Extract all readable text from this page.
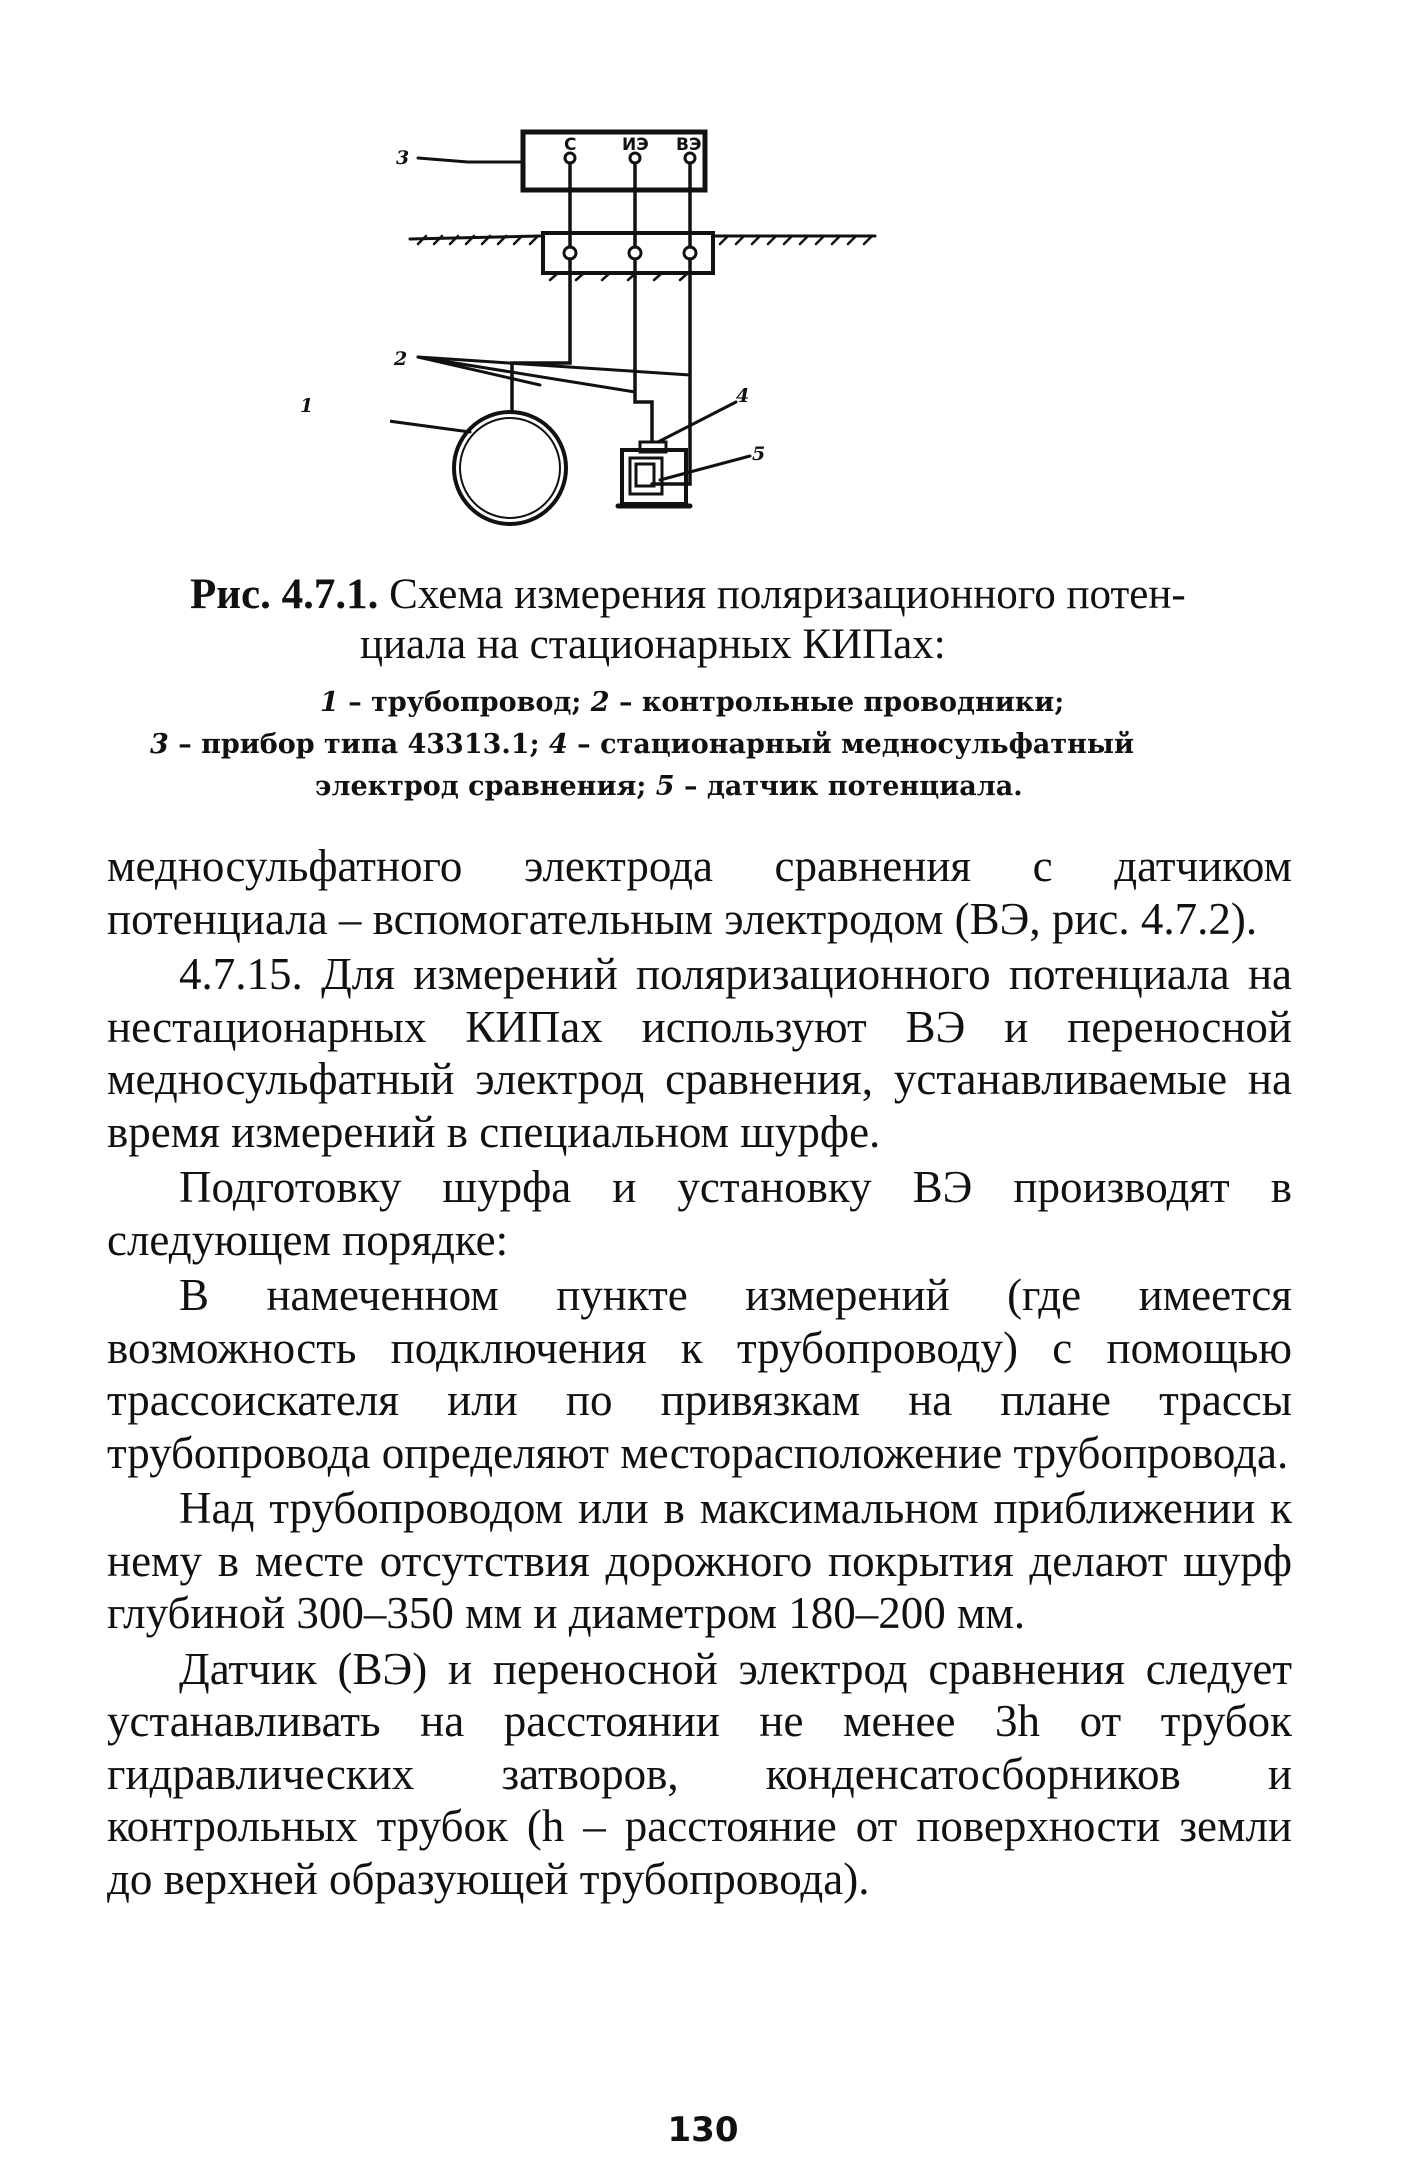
С	ИЭ ВЭ
3
2
4
5
1
Рис. 4.7.1. Схема измерения поляризационного потен-
циала на стационарных КИПах:
1 – трубопровод; 2 – контрольные проводники;
3 – прибор типа 43313.1; 4 – стационарный медносульфатный
электрод сравнения; 5 – датчик потенциала.

медносульфатного электрода сравнения с датчиком потенциала – вспомогательным электродом (ВЭ, рис. 4.7.2).

4.7.15. Для измерений поляризационного потенциала на нестационарных КИПах используют ВЭ и переносной медносульфатный электрод сравнения, устанавливаемые на время измерений в специальном шурфе.

Подготовку шурфа и установку ВЭ производят в следующем порядке:

В намеченном пункте измерений (где имеется возможность подключения к трубопроводу) с помощью трассоискателя или по привязкам на плане трассы трубопровода определяют месторасположение трубопровода.

Над трубопроводом или в максимальном приближении к нему в месте отсутствия дорожного покрытия делают шурф глубиной 300–350 мм и диаметром 180–200 мм.

Датчик (ВЭ) и переносной электрод сравнения следует устанавливать на расстоянии не менее 3h от трубок гидравлических затворов, конденсатосборников и контрольных трубок (h – расстояние от поверхности земли до верхней образующей трубопровода).

130
